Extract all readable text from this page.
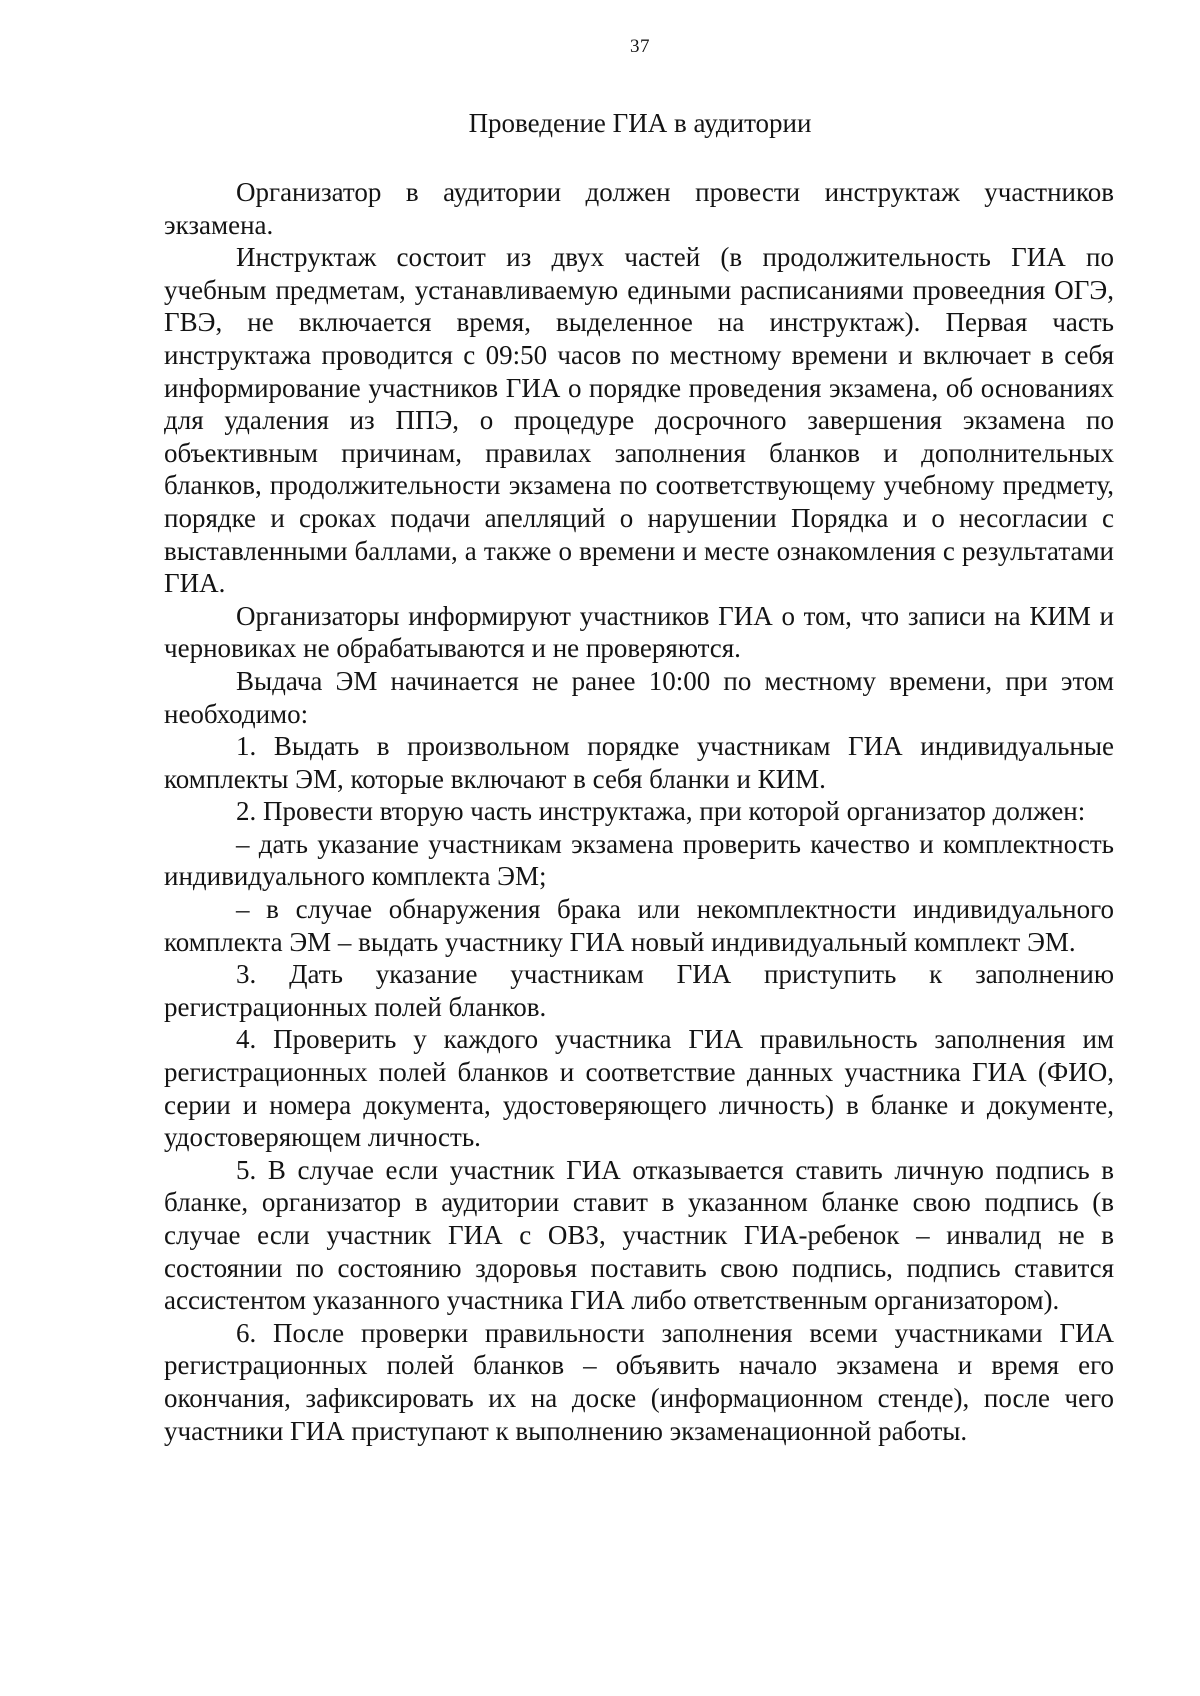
37
Проведение ГИА в аудитории

Организатор в аудитории должен провести инструктаж участников экзамена.

Инструктаж состоит из двух частей (в продолжительность ГИА по учебным предметам, устанавливаемую едиными расписаниями провеедния ОГЭ, ГВЭ, не включается время, выделенное на инструктаж). Первая часть инструктажа проводится с 09:50 часов по местному времени и включает в себя информирование участников ГИА о порядке проведения экзамена, об основаниях для удаления из ППЭ, о процедуре досрочного завершения экзамена по объективным причинам, правилах заполнения бланков и дополнительных бланков, продолжительности экзамена по соответствующему учебному предмету, порядке и сроках подачи апелляций о нарушении Порядка и о несогласии с выставленными баллами, а также о времени и месте ознакомления с результатами ГИА.

Организаторы информируют участников ГИА о том, что записи на КИМ и черновиках не обрабатываются и не проверяются.

Выдача ЭМ начинается не ранее 10:00 по местному времени, при этом необходимо:

1. Выдать в произвольном порядке участникам ГИА индивидуальные комплекты ЭМ, которые включают в себя бланки и КИМ.

2. Провести вторую часть инструктажа, при которой организатор должен:

– дать указание участникам экзамена проверить качество и комплектность индивидуального комплекта ЭМ;

– в случае обнаружения брака или некомплектности индивидуального комплекта ЭМ – выдать участнику ГИА новый индивидуальный комплект ЭМ.

3. Дать указание участникам ГИА приступить к заполнению регистрационных полей бланков.

4. Проверить у каждого участника ГИА правильность заполнения им регистрационных полей бланков и соответствие данных участника ГИА (ФИО, серии и номера документа, удостоверяющего личность) в бланке и документе, удостоверяющем личность.

5. В случае если участник ГИА отказывается ставить личную подпись в бланке, организатор в аудитории ставит в указанном бланке свою подпись (в случае если участник ГИА с ОВЗ, участник ГИА-ребенок – инвалид не в состоянии по состоянию здоровья поставить свою подпись, подпись ставится ассистентом указанного участника ГИА либо ответственным организатором).

6. После проверки правильности заполнения всеми участниками ГИА регистрационных полей бланков – объявить начало экзамена и время его окончания, зафиксировать их на доске (информационном стенде), после чего участники ГИА приступают к выполнению экзаменационной работы.
